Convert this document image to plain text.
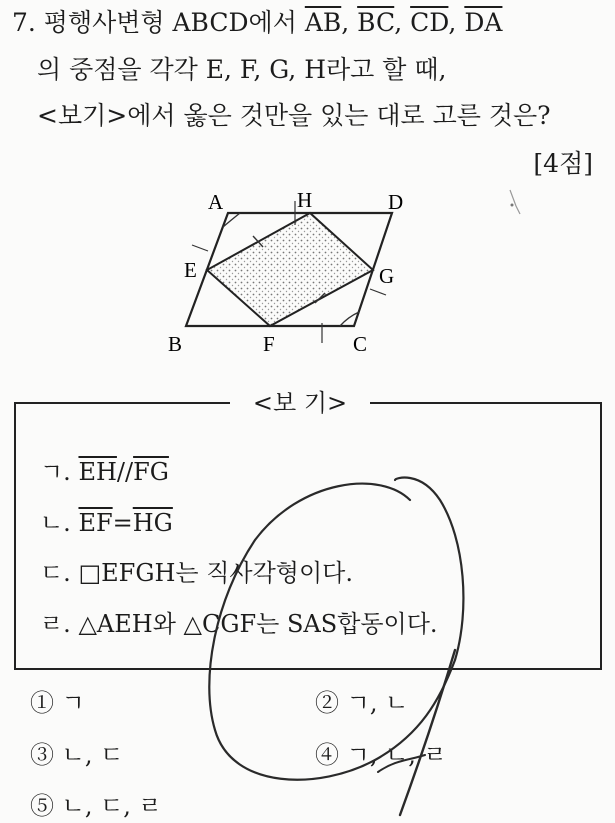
7. 평행사변형 ABCD에서 $\overline{AB}$, $\overline{BC}$, $\overline{CD}$, $\overline{DA}$
의 중점을 각각 E, F, G, H라고 할 때,
<보기>에서 옳은 것만을 있는 대로 고른 것은?
[4점]
A	H	D
E	G
B	F	C
<보 기>
ㄱ. $\overline{EH}//\overline{FG}$
ㄴ. $\overline{EF}=\overline{HG}$
ㄷ. □EFGH는 직사각형이다.
ㄹ. △AEH와 △CGF는 SAS합동이다.
① ㄱ	② ㄱ, ㄴ
③ ㄴ, ㄷ	④ ㄱ, ㄴ, ㄹ
⑤ ㄴ, ㄷ, ㄹ
